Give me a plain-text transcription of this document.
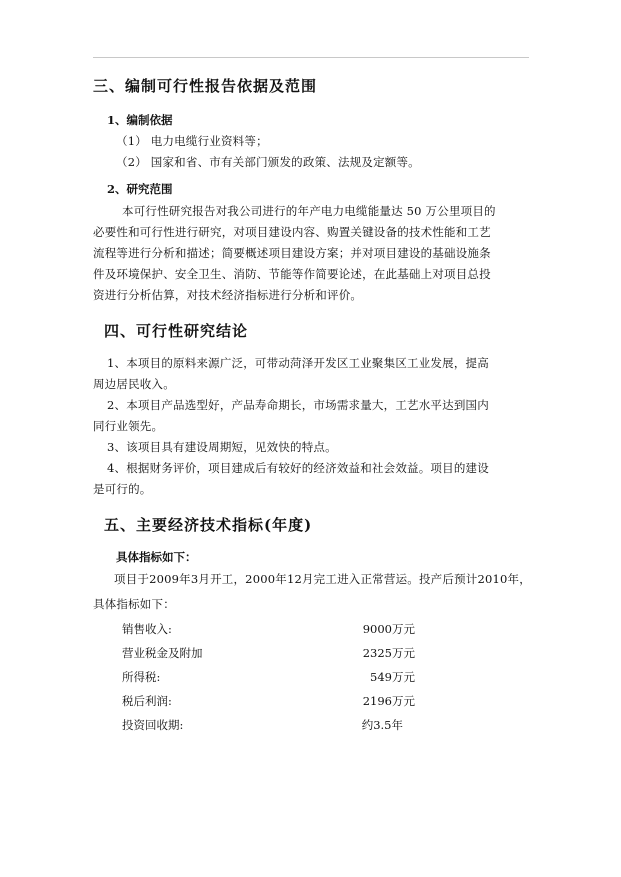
三、编制可行性报告依据及范围
1、编制依据
（1） 电力电缆行业资料等；
（2） 国家和省、市有关部门颁发的政策、法规及定额等。
2、研究范围
本可行性研究报告对我公司进行的年产电力电缆能量达 50 万公里项目的
必要性和可行性进行研究，对项目建设内容、购置关键设备的技术性能和工艺
流程等进行分析和描述；简要概述项目建设方案；并对项目建设的基础设施条
件及环境保护、安全卫生、消防、节能等作简要论述，在此基础上对项目总投
资进行分析估算，对技术经济指标进行分析和评价。
四、可行性研究结论
1、本项目的原料来源广泛，可带动菏泽开发区工业聚集区工业发展，提高
周边居民收入。
2、本项目产品选型好，产品寿命期长，市场需求量大，工艺水平达到国内
同行业领先。
3、该项目具有建设周期短，见效快的特点。
4、根据财务评价，项目建成后有较好的经济效益和社会效益。项目的建设
是可行的。
五、主要经济技术指标(年度)
具体指标如下：
项目于2009年3月开工，2000年12月完工进入正常营运。投产后预计2010年，
具体指标如下：
销售收入:	9000万元
营业税金及附加	2325万元
所得税:	549万元
税后利润:	2196万元
投资回收期:	约3.5年
